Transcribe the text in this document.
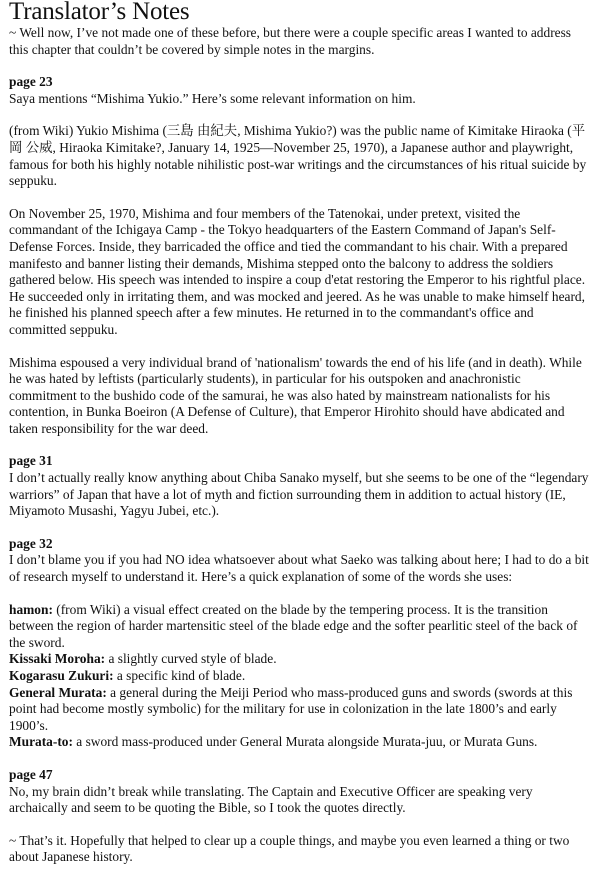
Translator’s Notes

~ Well now, I’ve not made one of these before, but there were a couple specific areas I wanted to address this chapter that couldn’t be covered by simple notes in the margins.

page 23

Saya mentions “Mishima Yukio.” Here’s some relevant information on him.

(from Wiki) Yukio Mishima (三島 由紀夫, Mishima Yukio?) was the public name of Kimitake Hiraoka (平岡 公威, Hiraoka Kimitake?, January 14, 1925—November 25, 1970), a Japanese author and playwright, famous for both his highly notable nihilistic post-war writings and the circumstances of his ritual suicide by seppuku.

On November 25, 1970, Mishima and four members of the Tatenokai, under pretext, visited the commandant of the Ichigaya Camp - the Tokyo headquarters of the Eastern Command of Japan's Self-Defense Forces. Inside, they barricaded the office and tied the commandant to his chair. With a prepared manifesto and banner listing their demands, Mishima stepped onto the balcony to address the soldiers gathered below. His speech was intended to inspire a coup d'etat restoring the Emperor to his rightful place. He succeeded only in irritating them, and was mocked and jeered. As he was unable to make himself heard, he finished his planned speech after a few minutes. He returned in to the commandant's office and committed seppuku.

Mishima espoused a very individual brand of 'nationalism' towards the end of his life (and in death). While he was hated by leftists (particularly students), in particular for his outspoken and anachronistic commitment to the bushido code of the samurai, he was also hated by mainstream nationalists for his contention, in Bunka Boeiron (A Defense of Culture), that Emperor Hirohito should have abdicated and taken responsibility for the war deed.

page 31

I don’t actually really know anything about Chiba Sanako myself, but she seems to be one of the “legendary warriors” of Japan that have a lot of myth and fiction surrounding them in addition to actual history (IE, Miyamoto Musashi, Yagyu Jubei, etc.).

page 32

I don’t blame you if you had NO idea whatsoever about what Saeko was talking about here; I had to do a bit of research myself to understand it. Here’s a quick explanation of some of the words she uses:

hamon: (from Wiki) a visual effect created on the blade by the tempering process. It is the transition between the region of harder martensitic steel of the blade edge and the softer pearlitic steel of the back of the sword.

Kissaki Moroha: a slightly curved style of blade.

Kogarasu Zukuri: a specific kind of blade.

General Murata: a general during the Meiji Period who mass-produced guns and swords (swords at this point had become mostly symbolic) for the military for use in colonization in the late 1800’s and early 1900’s.

Murata-to: a sword mass-produced under General Murata alongside Murata-juu, or Murata Guns.

page 47

No, my brain didn’t break while translating. The Captain and Executive Officer are speaking very archaically and seem to be quoting the Bible, so I took the quotes directly.

~ That’s it. Hopefully that helped to clear up a couple things, and maybe you even learned a thing or two about Japanese history.
